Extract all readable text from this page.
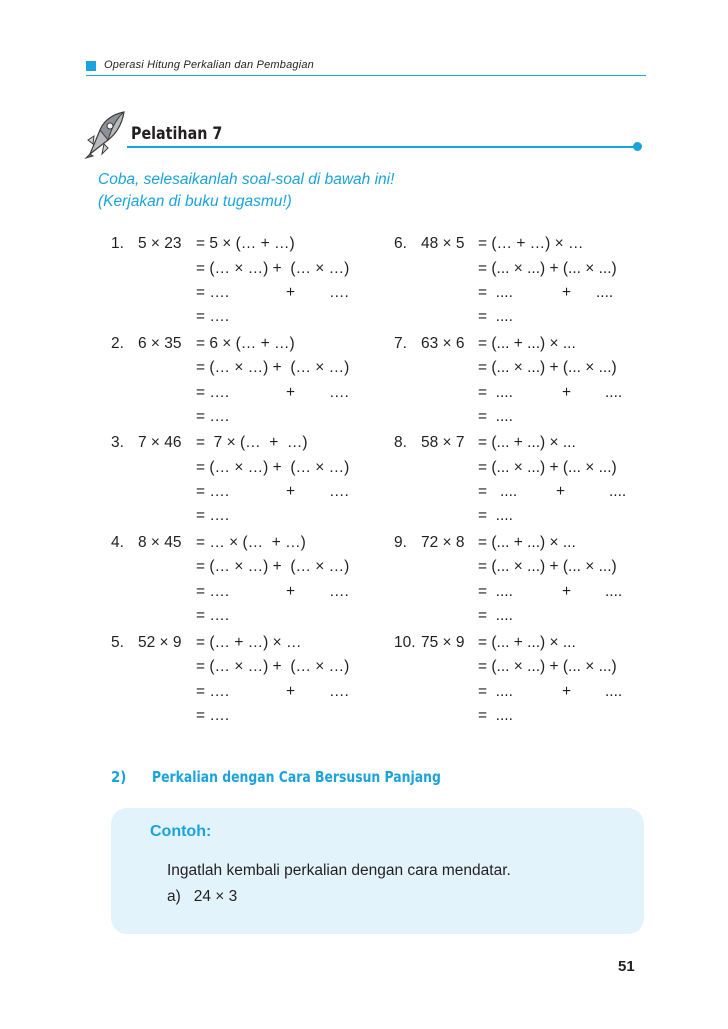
Operasi Hitung Perkalian dan Pembagian
Pelatihan 7
Coba, selesaikanlah soal-soal di bawah ini!
(Kerjakan di buku tugasmu!)
1. 5 × 23 = 5 × (… + …)
= (… × …) +  (… × …)
= ….	+ ….
= ….
2. 6 × 35 = 6 × (… + …)
= (… × …) +  (… × …)
= ….	+ ….
= ….
3. 7 × 46 =  7 × (…  +  …)
= (… × …) +  (… × …)
= ….	+ ….
= ….
4. 8 × 45 = … × (…  + …)
= (… × …) +  (… × …)
= ….	+ ….
= ….
5. 52 × 9 = (… + …) × …
= (… × …) +  (… × …)
= ….	+ ….
= ….
6. 48 × 5 = (… + …) × …
= (... × ...) + (... × ...)
=  ....	+ ....
=  ....
7. 63 × 6 = (... + ...) × ...
= (... × ...) + (... × ...)
=  ....	+ ....
=  ....
8. 58 × 7 = (... + ...) × ...
= (... × ...) + (... × ...)
=   ....	+	....
=  ....
9. 72 × 8 = (... + ...) × ...
= (... × ...) + (... × ...)
=  ....	+ ....
=  ....
10. 75 × 9 = (... + ...) × ...
= (... × ...) + (... × ...)
=  ....	+ ....
=  ....
2) Perkalian dengan Cara Bersusun Panjang
Contoh:
Ingatlah kembali perkalian dengan cara mendatar.
a)   24 × 3
51
